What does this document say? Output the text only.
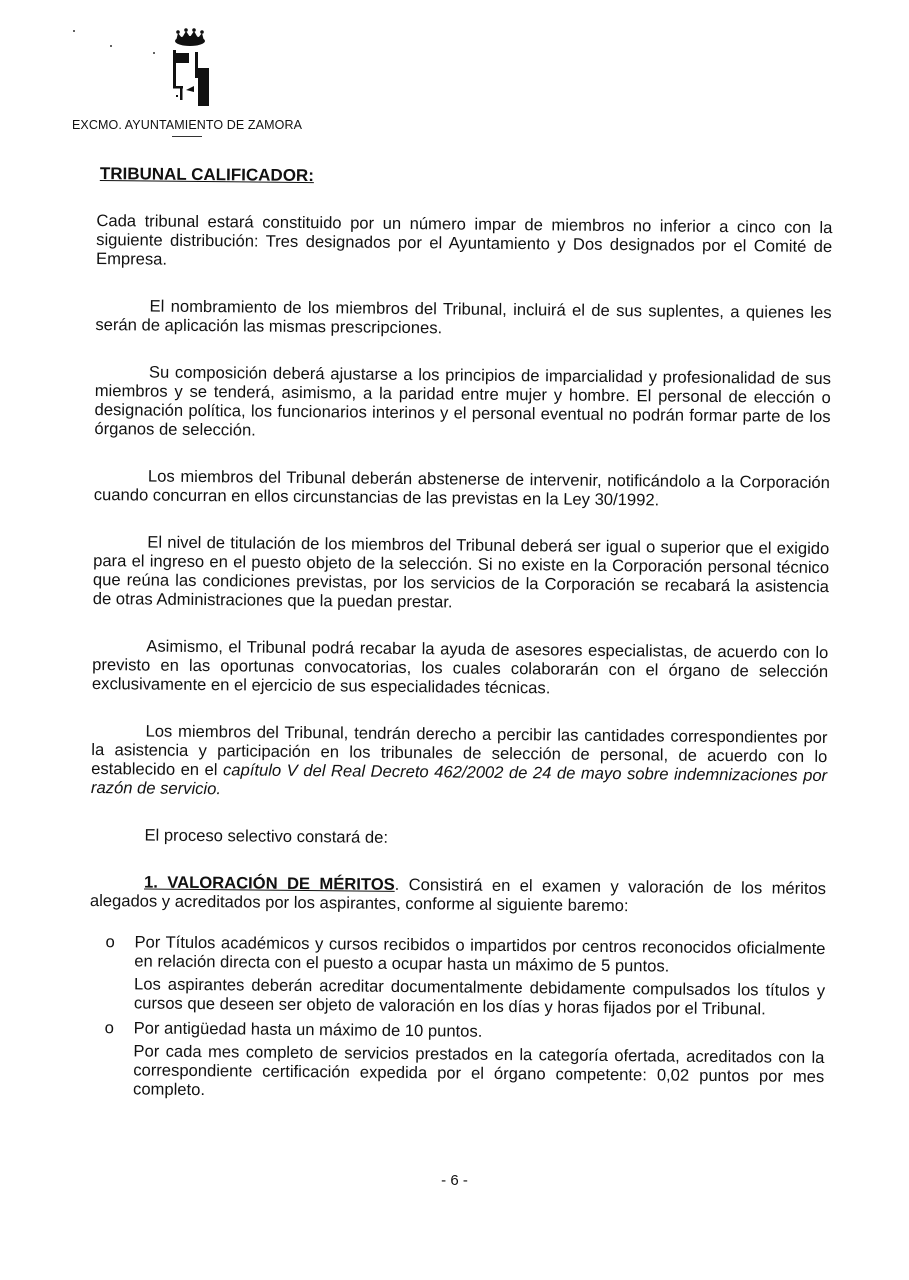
EXCMO. AYUNTAMIENTO DE ZAMORA
TRIBUNAL CALIFICADOR:

Cada tribunal estará constituido por un número impar de miembros no inferior a cinco con la siguiente distribución: Tres designados por el Ayuntamiento y Dos designados por el Comité de Empresa.

El nombramiento de los miembros del Tribunal, incluirá el de sus suplentes, a quienes les serán de aplicación las mismas prescripciones.

Su composición deberá ajustarse a los principios de imparcialidad y profesionalidad de sus miembros y se tenderá, asimismo, a la paridad entre mujer y hombre. El personal de elección o designación política, los funcionarios interinos y el personal eventual no podrán formar parte de los órganos de selección.

Los miembros del Tribunal deberán abstenerse de intervenir, notificándolo a la Corporación cuando concurran en ellos circunstancias de las previstas en la Ley 30/1992.

El nivel de titulación de los miembros del Tribunal deberá ser igual o superior que el exigido para el ingreso en el puesto objeto de la selección. Si no existe en la Corporación personal técnico que reúna las condiciones previstas, por los servicios de la Corporación se recabará la asistencia de otras Administraciones que la puedan prestar.

Asimismo, el Tribunal podrá recabar la ayuda de asesores especialistas, de acuerdo con lo previsto en las oportunas convocatorias, los cuales colaborarán con el órgano de selección exclusivamente en el ejercicio de sus especialidades técnicas.

Los miembros del Tribunal, tendrán derecho a percibir las cantidades correspondientes por la asistencia y participación en los tribunales de selección de personal, de acuerdo con lo establecido en el capítulo V del Real Decreto 462/2002 de 24 de mayo sobre indemnizaciones por razón de servicio.

El proceso selectivo constará de:

1. VALORACIÓN DE MÉRITOS. Consistirá en el examen y valoración de los méritos alegados y acreditados por los aspirantes, conforme al siguiente baremo:

o Por Títulos académicos y cursos recibidos o impartidos por centros reconocidos oficialmente en relación directa con el puesto a ocupar hasta un máximo de 5 puntos.
Los aspirantes deberán acreditar documentalmente debidamente compulsados los títulos y cursos que deseen ser objeto de valoración en los días y horas fijados por el Tribunal.
o Por antigüedad hasta un máximo de 10 puntos.
Por cada mes completo de servicios prestados en la categoría ofertada, acreditados con la correspondiente certificación expedida por el órgano competente: 0,02 puntos por mes completo.
- 6 -
